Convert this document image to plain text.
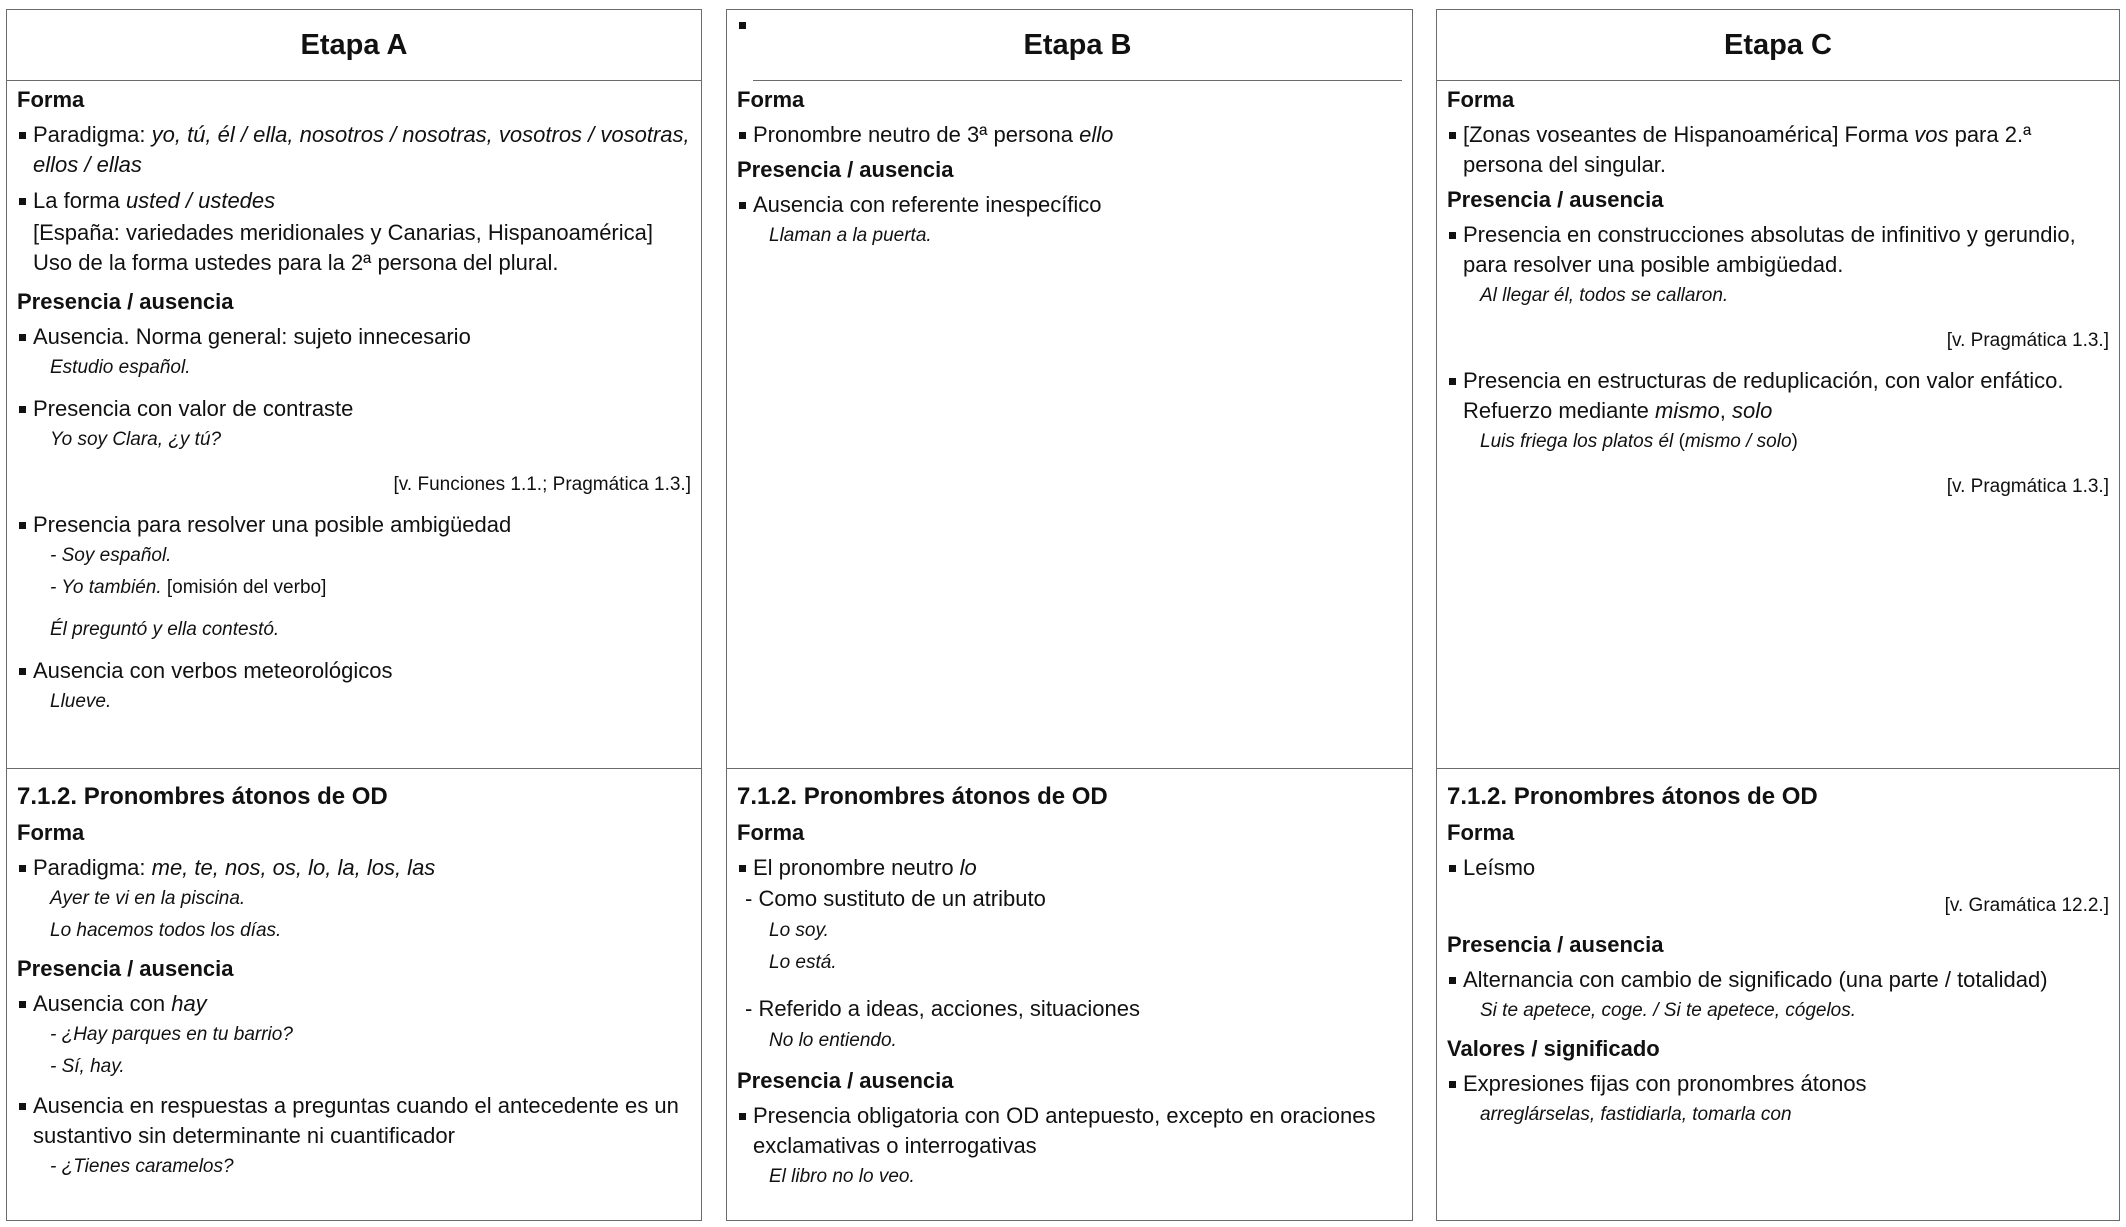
Etapa A
Forma
Paradigma: yo, tú, él / ella, nosotros / nosotras, vosotros / vosotras, ellos / ellas
La forma usted / ustedes
[España: variedades meridionales y Canarias, Hispanoamérica] Uso de la forma ustedes para la 2ª persona del plural.
Presencia / ausencia
Ausencia. Norma general: sujeto innecesario
Estudio español.
Presencia con valor de contraste
Yo soy Clara, ¿y tú?
[v. Funciones 1.1.; Pragmática 1.3.]
Presencia para resolver una posible ambigüedad
- Soy español.
- Yo también. [omisión del verbo]
Él preguntó y ella contestó.
Ausencia con verbos meteorológicos
Llueve.
7.1.2. Pronombres átonos de OD
Forma
Paradigma: me, te, nos, os, lo, la, los, las
Ayer te vi en la piscina.
Lo hacemos todos los días.
Presencia / ausencia
Ausencia con hay
- ¿Hay parques en tu barrio?
- Sí, hay.
Ausencia en respuestas a preguntas cuando el antecedente es un sustantivo sin determinante ni cuantificador
- ¿Tienes caramelos?
Etapa B
Forma
Pronombre neutro de 3ª persona ello
Presencia / ausencia
Ausencia con referente inespecífico
Llaman a la puerta.
7.1.2. Pronombres átonos de OD
Forma
El pronombre neutro lo
- Como sustituto de un atributo
Lo soy.
Lo está.
- Referido a ideas, acciones, situaciones
No lo entiendo.
Presencia / ausencia
Presencia obligatoria con OD antepuesto, excepto en oraciones exclamativas o interrogativas
El libro no lo veo.
Etapa C
Forma
[Zonas voseantes de Hispanoamérica] Forma vos para 2.ª persona del singular.
Presencia / ausencia
Presencia en construcciones absolutas de infinitivo y gerundio, para resolver una posible ambigüedad.
Al llegar él, todos se callaron.
[v. Pragmática 1.3.]
Presencia en estructuras de reduplicación, con valor enfático. Refuerzo mediante mismo, solo
Luis friega los platos él (mismo / solo)
[v. Pragmática 1.3.]
7.1.2. Pronombres átonos de OD
Forma
Leísmo
[v. Gramática 12.2.]
Presencia / ausencia
Alternancia con cambio de significado (una parte / totalidad)
Si te apetece, coge. / Si te apetece, cógelos.
Valores / significado
Expresiones fijas con pronombres átonos
arreglárselas, fastidiarla, tomarla con
